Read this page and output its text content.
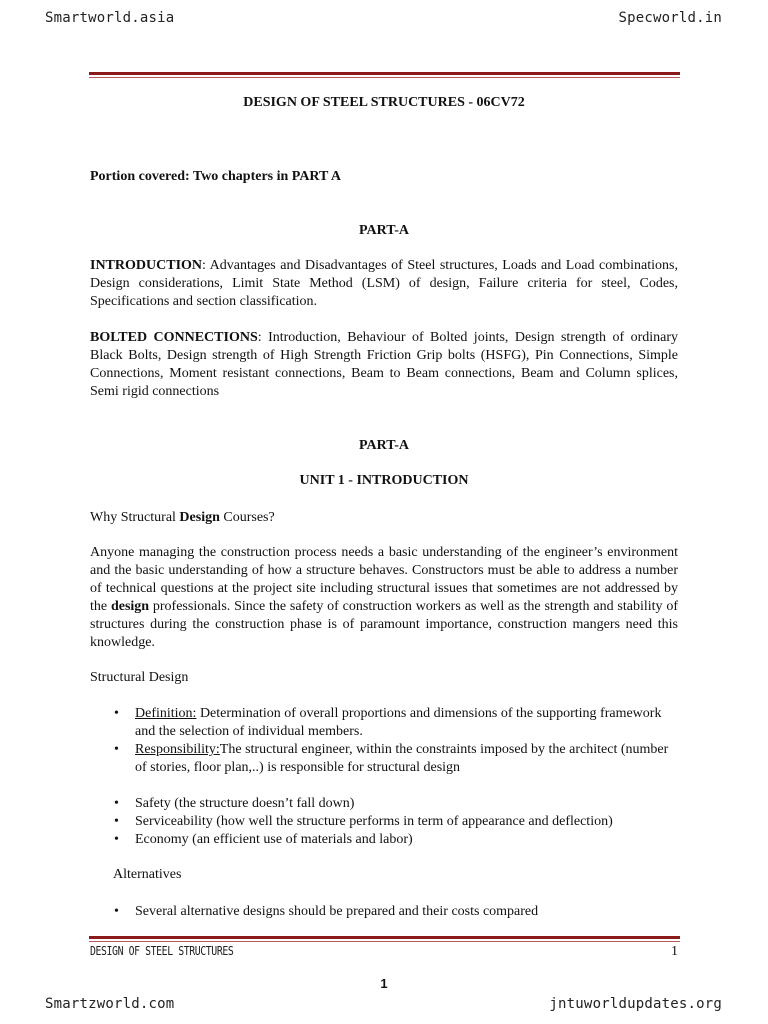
Smartworld.asia	Specworld.in
DESIGN OF STEEL STRUCTURES - 06CV72
Portion covered: Two chapters in PART A
PART-A
INTRODUCTION: Advantages and Disadvantages of Steel structures, Loads and Load combinations, Design considerations, Limit State Method (LSM) of design, Failure criteria for steel, Codes, Specifications and section classification.
BOLTED CONNECTIONS: Introduction, Behaviour of Bolted joints, Design strength of ordinary Black Bolts, Design strength of High Strength Friction Grip bolts (HSFG), Pin Connections, Simple Connections, Moment resistant connections, Beam to Beam connections, Beam and Column splices, Semi rigid connections
PART-A
UNIT 1 - INTRODUCTION
Why Structural Design Courses?
Anyone managing the construction process needs a basic understanding of the engineer’s environment and the basic understanding of how a structure behaves. Constructors must be able to address a number of technical questions at the project site including structural issues that sometimes are not addressed by the design professionals. Since the safety of construction workers as well as the strength and stability of structures during the construction phase is of paramount importance, construction mangers need this knowledge.
Structural Design
• Definition: Determination of overall proportions and dimensions of the supporting framework and the selection of individual members.
• Responsibility:The structural engineer, within the constraints imposed by the architect (number of stories, floor plan,..) is responsible for structural design
• Safety (the structure doesn’t fall down)
• Serviceability (how well the structure performs in term of appearance and deflection)
• Economy (an efficient use of materials and labor)
Alternatives
• Several alternative designs should be prepared and their costs compared
DESIGN OF STEEL STRUCTURES	1
1
Smartzworld.com	jntuworldupdates.org
